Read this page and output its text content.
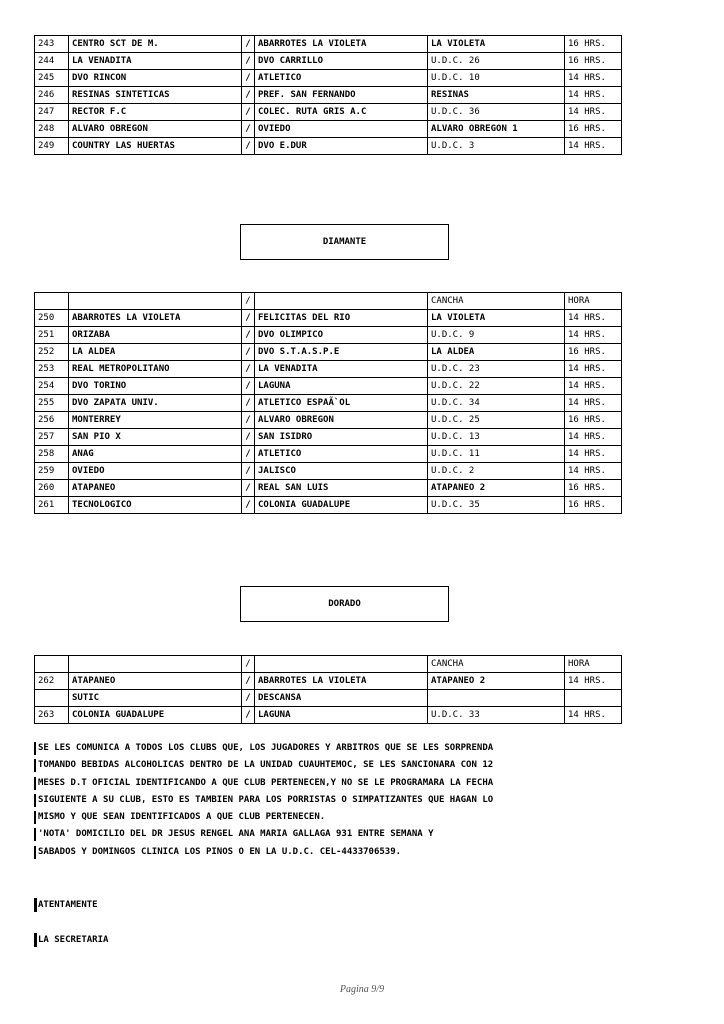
243	CENTRO SCT DE M.	/	ABARROTES LA VIOLETA	LA VIOLETA	16 HRS.
244	LA VENADITA	/	DVO CARRILLO	U.D.C. 26	16 HRS.
245	DVO RINCON	/	ATLETICO	U.D.C. 10	14 HRS.
246	RESINAS SINTETICAS	/	PREF. SAN FERNANDO	RESINAS	14 HRS.
247	RECTOR F.C	/	COLEC. RUTA GRIS A.C	U.D.C. 36	14 HRS.
248	ALVARO OBREGON	/	OVIEDO	ALVARO OBREGON 1	16 HRS.
249	COUNTRY LAS HUERTAS	/	DVO E.DUR	U.D.C. 3	14 HRS.
DIAMANTE
		/		CANCHA	HORA
250	ABARROTES LA VIOLETA	/	FELICITAS DEL RIO	LA VIOLETA	14 HRS.
251	ORIZABA	/	DVO OLIMPICO	U.D.C. 9	14 HRS.
252	LA ALDEA	/	DVO S.T.A.S.P.E	LA ALDEA	16 HRS.
253	REAL METROPOLITANO	/	LA VENADITA	U.D.C. 23	14 HRS.
254	DVO TORINO	/	LAGUNA	U.D.C. 22	14 HRS.
255	DVO ZAPATA UNIV.	/	ATLETICO ESPAÃ`OL	U.D.C. 34	14 HRS.
256	MONTERREY	/	ALVARO OBREGON	U.D.C. 25	16 HRS.
257	SAN PIO X	/	SAN ISIDRO	U.D.C. 13	14 HRS.
258	ANAG	/	ATLETICO	U.D.C. 11	14 HRS.
259	OVIEDO	/	JALISCO	U.D.C. 2	14 HRS.
260	ATAPANEO	/	REAL SAN LUIS	ATAPANEO 2	16 HRS.
261	TECNOLOGICO	/	COLONIA GUADALUPE	U.D.C. 35	16 HRS.
DORADO
		/		CANCHA	HORA
262	ATAPANEO	/	ABARROTES LA VIOLETA	ATAPANEO 2	14 HRS.
	SUTIC	/	DESCANSA		
263	COLONIA GUADALUPE	/	LAGUNA	U.D.C. 33	14 HRS.
SE LES COMUNICA A TODOS LOS CLUBS QUE, LOS JUGADORES Y ARBITROS QUE SE LES SORPRENDA
TOMANDO BEBIDAS ALCOHOLICAS DENTRO DE LA UNIDAD CUAUHTEMOC, SE LES SANCIONARA CON 12
MESES D.T OFICIAL IDENTIFICANDO A QUE CLUB PERTENECEN,Y NO SE LE PROGRAMARA LA FECHA
SIGUIENTE A SU CLUB, ESTO ES TAMBIEN PARA LOS PORRISTAS O SIMPATIZANTES QUE HAGAN LO
MISMO Y QUE SEAN IDENTIFICADOS A QUE CLUB PERTENECEN.
'NOTA' DOMICILIO DEL DR JESUS RENGEL ANA MARIA GALLAGA 931 ENTRE SEMANA Y
SABADOS Y DOMINGOS CLINICA LOS PINOS O EN LA U.D.C. CEL-4433706539.
ATENTAMENTE
LA SECRETARIA
Pagina 9/9
